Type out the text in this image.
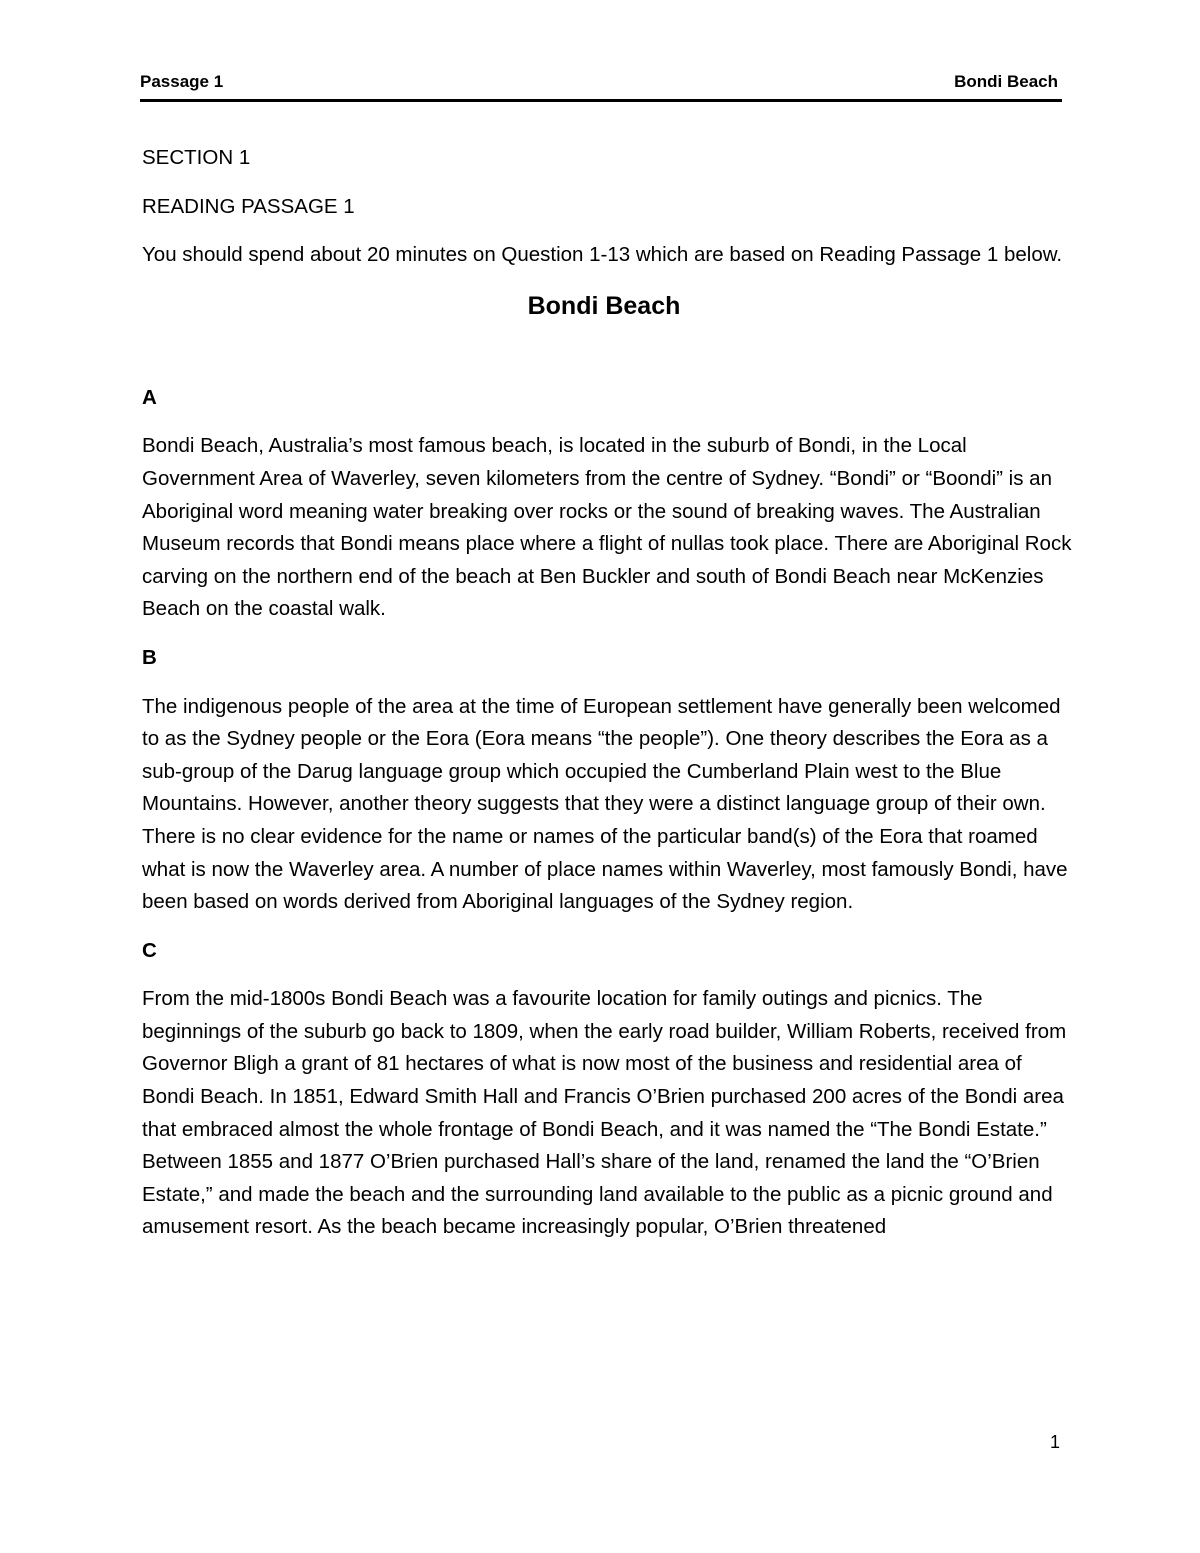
Passage 1	Bondi Beach

SECTION 1

READING PASSAGE 1

You should spend about 20 minutes on Question 1-13 which are based on Reading Passage 1 below.

Bondi Beach

A

Bondi Beach, Australia’s most famous beach, is located in the suburb of Bondi, in the Local Government Area of Waverley, seven kilometers from the centre of Sydney. “Bondi” or “Boondi” is an Aboriginal word meaning water breaking over rocks or the sound of breaking waves. The Australian Museum records that Bondi means place where a flight of nullas took place. There are Aboriginal Rock carving on the northern end of the beach at Ben Buckler and south of Bondi Beach near McKenzies Beach on the coastal walk.

B

The indigenous people of the area at the time of European settlement have generally been welcomed to as the Sydney people or the Eora (Eora means “the people”). One theory describes the Eora as a sub-group of the Darug language group which occupied the Cumberland Plain west to the Blue Mountains. However, another theory suggests that they were a distinct language group of their own. There is no clear evidence for the name or names of the particular band(s) of the Eora that roamed what is now the Waverley area. A number of place names within Waverley, most famously Bondi, have been based on words derived from Aboriginal languages of the Sydney region.

C

From the mid-1800s Bondi Beach was a favourite location for family outings and picnics. The beginnings of the suburb go back to 1809, when the early road builder, William Roberts, received from Governor Bligh a grant of 81 hectares of what is now most of the business and residential area of Bondi Beach. In 1851, Edward Smith Hall and Francis O’Brien purchased 200 acres of the Bondi area that embraced almost the whole frontage of Bondi Beach, and it was named the “The Bondi Estate.” Between 1855 and 1877 O’Brien purchased Hall’s share of the land, renamed the land the “O’Brien Estate,” and made the beach and the surrounding land available to the public as a picnic ground and amusement resort. As the beach became increasingly popular, O’Brien threatened

1
